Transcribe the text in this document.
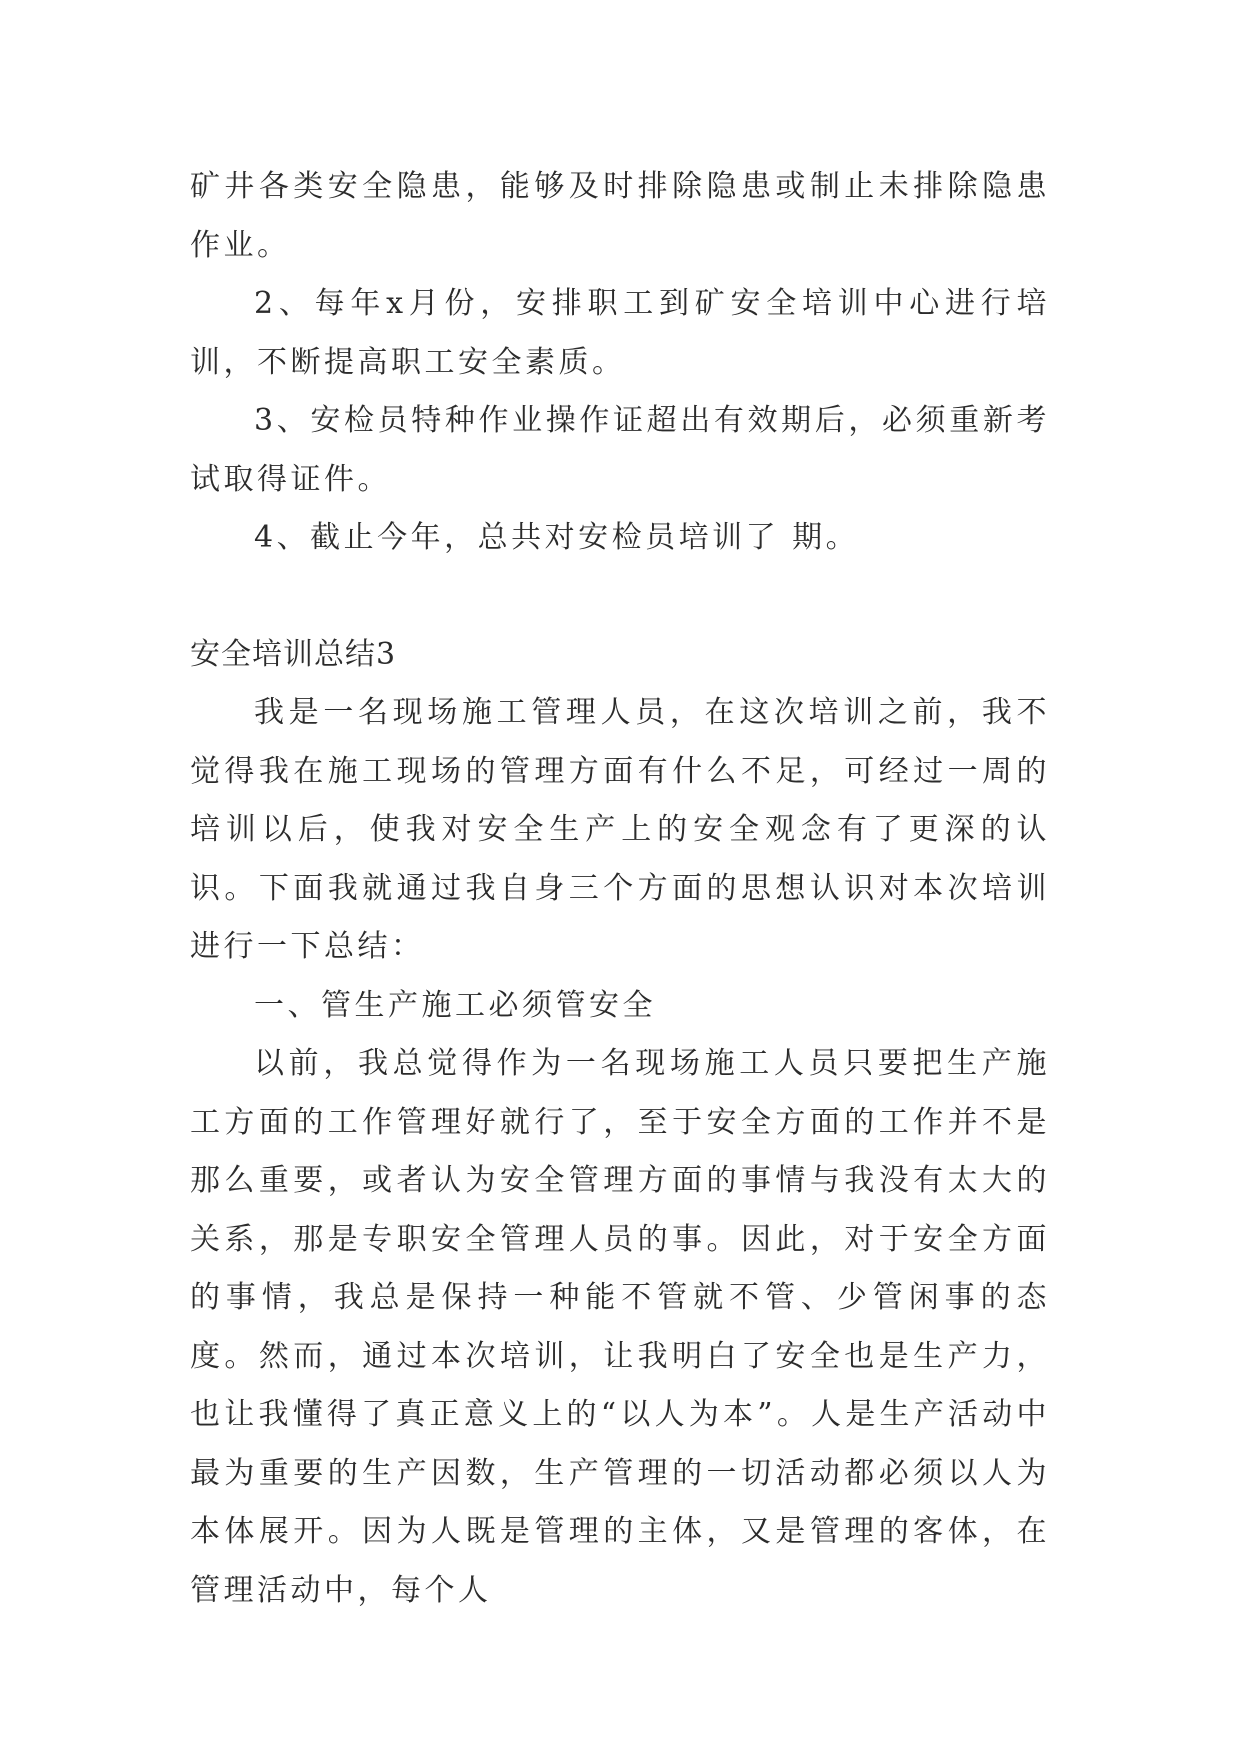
矿井各类安全隐患，能够及时排除隐患或制止未排除隐患作业。

2、每年x月份，安排职工到矿安全培训中心进行培训，不断提高职工安全素质。

3、安检员特种作业操作证超出有效期后，必须重新考试取得证件。

4、截止今年，总共对安检员培训了 期。

安全培训总结3

我是一名现场施工管理人员，在这次培训之前，我不觉得我在施工现场的管理方面有什么不足，可经过一周的培训以后，使我对安全生产上的安全观念有了更深的认识。下面我就通过我自身三个方面的思想认识对本次培训进行一下总结：

一、管生产施工必须管安全

以前，我总觉得作为一名现场施工人员只要把生产施工方面的工作管理好就行了，至于安全方面的工作并不是那么重要，或者认为安全管理方面的事情与我没有太大的关系，那是专职安全管理人员的事。因此，对于安全方面的事情，我总是保持一种能不管就不管、少管闲事的态度。然而，通过本次培训，让我明白了安全也是生产力，也让我懂得了真正意义上的“以人为本”。人是生产活动中最为重要的生产因数，生产管理的一切活动都必须以人为本体展开。因为人既是管理的主体，又是管理的客体，在管理活动中，每个人
